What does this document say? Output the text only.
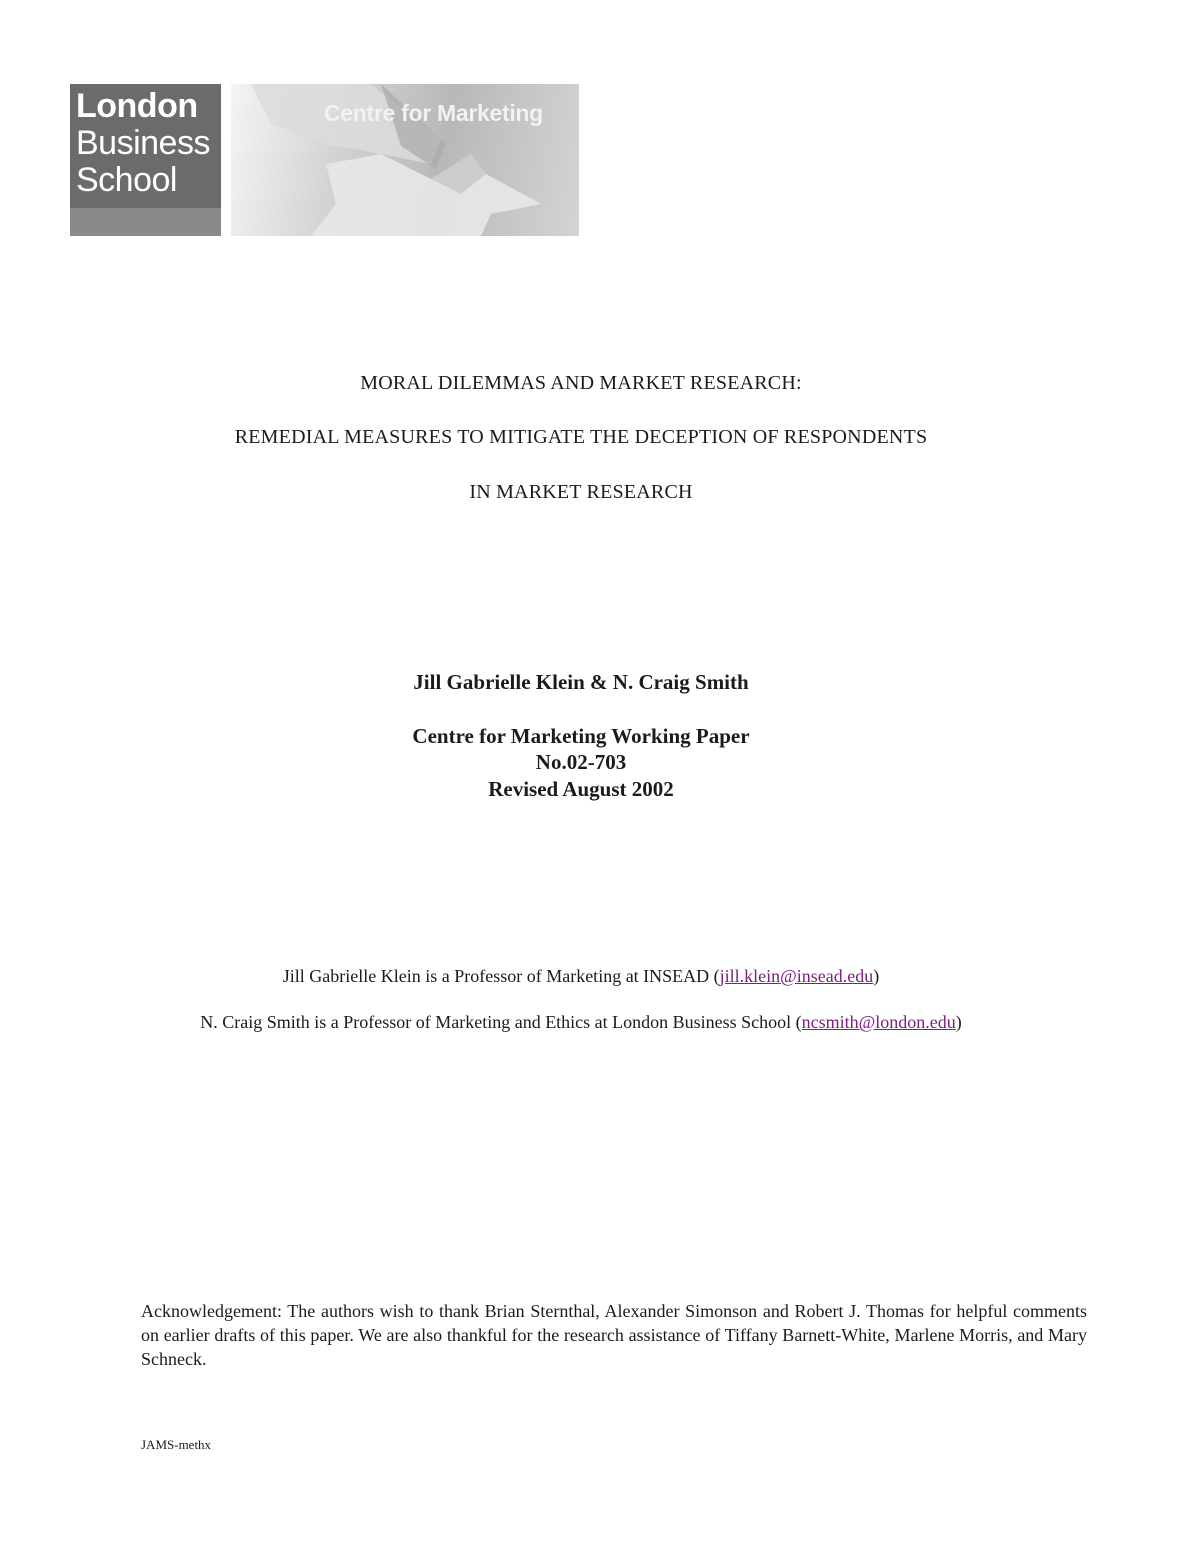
London
Business
School
Centre for Marketing
MORAL DILEMMAS AND MARKET RESEARCH:
REMEDIAL MEASURES TO MITIGATE THE DECEPTION OF RESPONDENTS
IN MARKET RESEARCH
Jill Gabrielle Klein & N. Craig Smith
Centre for Marketing Working Paper
No.02-703
Revised August 2002
Jill Gabrielle Klein is a Professor of Marketing at INSEAD (jill.klein@insead.edu)
N. Craig Smith is a Professor of Marketing and Ethics at London Business School (ncsmith@london.edu)
Acknowledgement: The authors wish to thank Brian Sternthal, Alexander Simonson and Robert J. Thomas for helpful comments on earlier drafts of this paper. We are also thankful for the research assistance of Tiffany Barnett-White, Marlene Morris, and Mary Schneck.
JAMS-methx
